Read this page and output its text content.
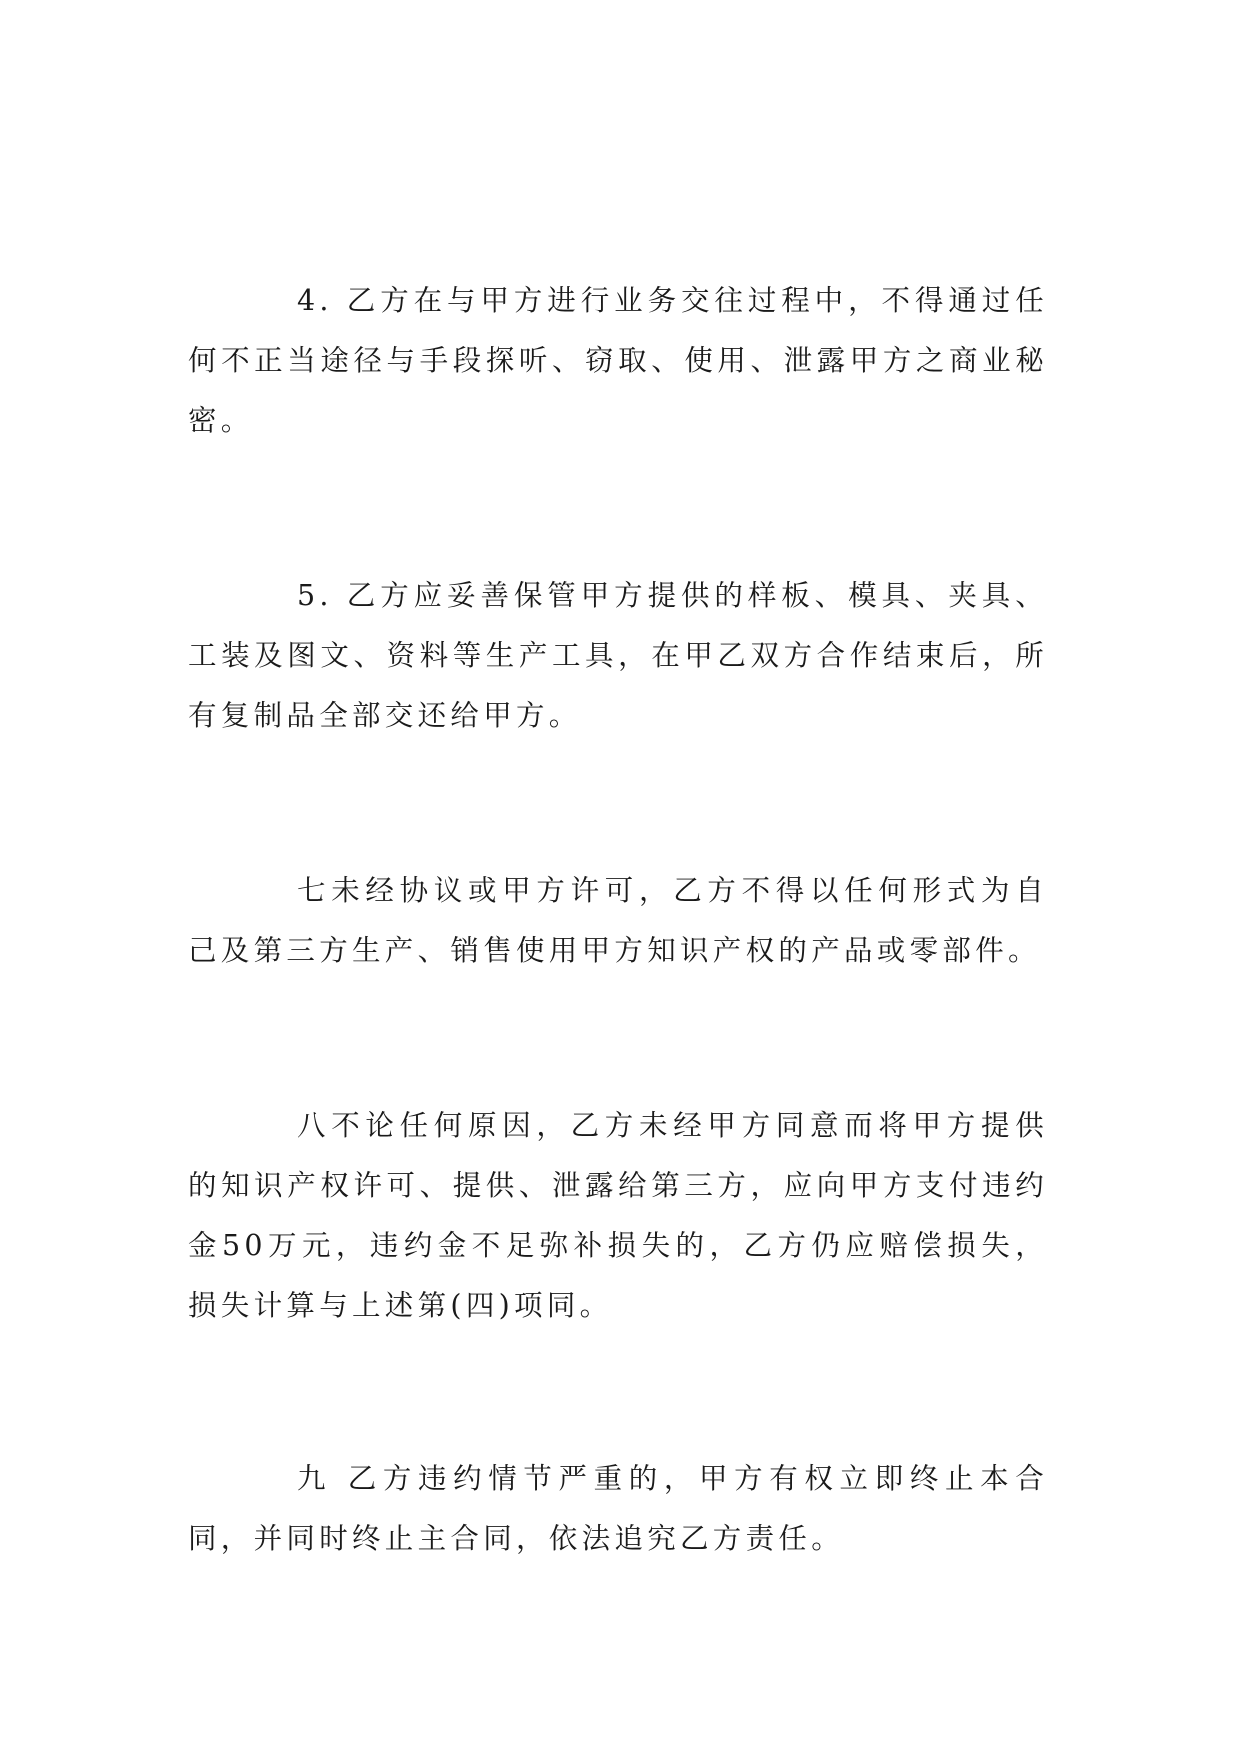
4. 乙方在与甲方进行业务交往过程中，不得通过任何不正当途径与手段探听、窃取、使用、泄露甲方之商业秘密。

5. 乙方应妥善保管甲方提供的样板、模具、夹具、工装及图文、资料等生产工具，在甲乙双方合作结束后，所有复制品全部交还给甲方。

七未经协议或甲方许可，乙方不得以任何形式为自己及第三方生产、销售使用甲方知识产权的产品或零部件。

八不论任何原因，乙方未经甲方同意而将甲方提供的知识产权许可、提供、泄露给第三方，应向甲方支付违约金50万元，违约金不足弥补损失的，乙方仍应赔偿损失，损失计算与上述第(四)项同。

九 乙方违约情节严重的，甲方有权立即终止本合同，并同时终止主合同，依法追究乙方责任。
